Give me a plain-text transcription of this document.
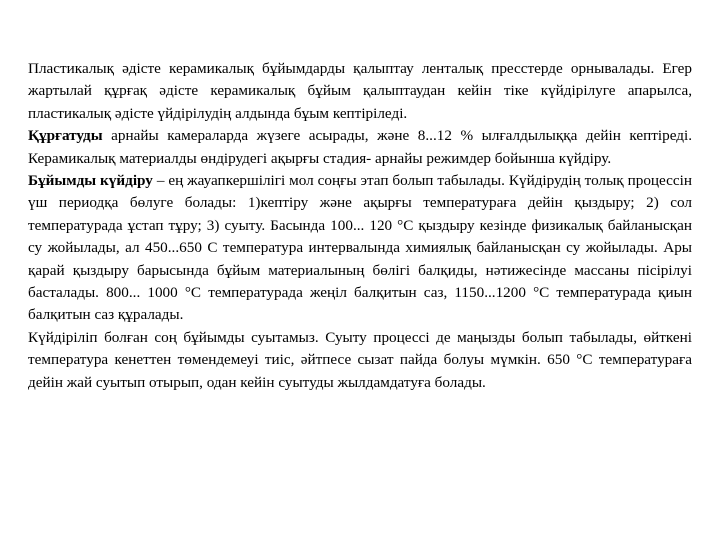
Пластикалық әдісте керамикалық бұйымдарды қалыптау ленталық пресстерде орнывалады. Егер жартылай құрғақ әдісте керамикалық бұйым қалыптаудан кейін тіке күйдірілуге апарылса, пластикалық әдісте үйдірілудің алдында бұым кептіріледі.

Құрғатуды арнайы камераларда жүзеге асырады, және 8...12 % ылғалдылыққа дейін кептіреді. Керамикалық материалды өндірудегі ақырғы стадия- арнайы режимдер бойынша күйдіру.

Бұйымды күйдіру – ең жауапкершілігі мол соңғы этап болып табылады. Күйдірудің толық процессін үш периодқа бөлуге болады: 1)кептіру және ақырғы температураға дейін қыздыру; 2) сол температурада ұстап тұру; 3) суыту. Басында 100... 120 °С қыздыру кезінде физикалық байланысқан су жойылады, ал 450...650 С температура интервалында химиялық байланысқан су жойылады. Ары қарай қыздыру барысында бұйым материалының бөлігі балқиды, нәтижесінде массаны пісірілуі басталады. 800... 1000 °С температурада жеңіл балқитын саз, 1150...1200 °С температурада қиын балқитын саз құралады.

Күйдіріліп болған соң бұйымды суытамыз. Суыту процессі де маңызды болып табылады, өйткені температура кенеттен төмендемеуі тиіс, әйтпесе сызат пайда болуы мүмкін. 650 °С температураға дейін жай суытып отырып, одан кейін суытуды жылдамдатуға болады.
